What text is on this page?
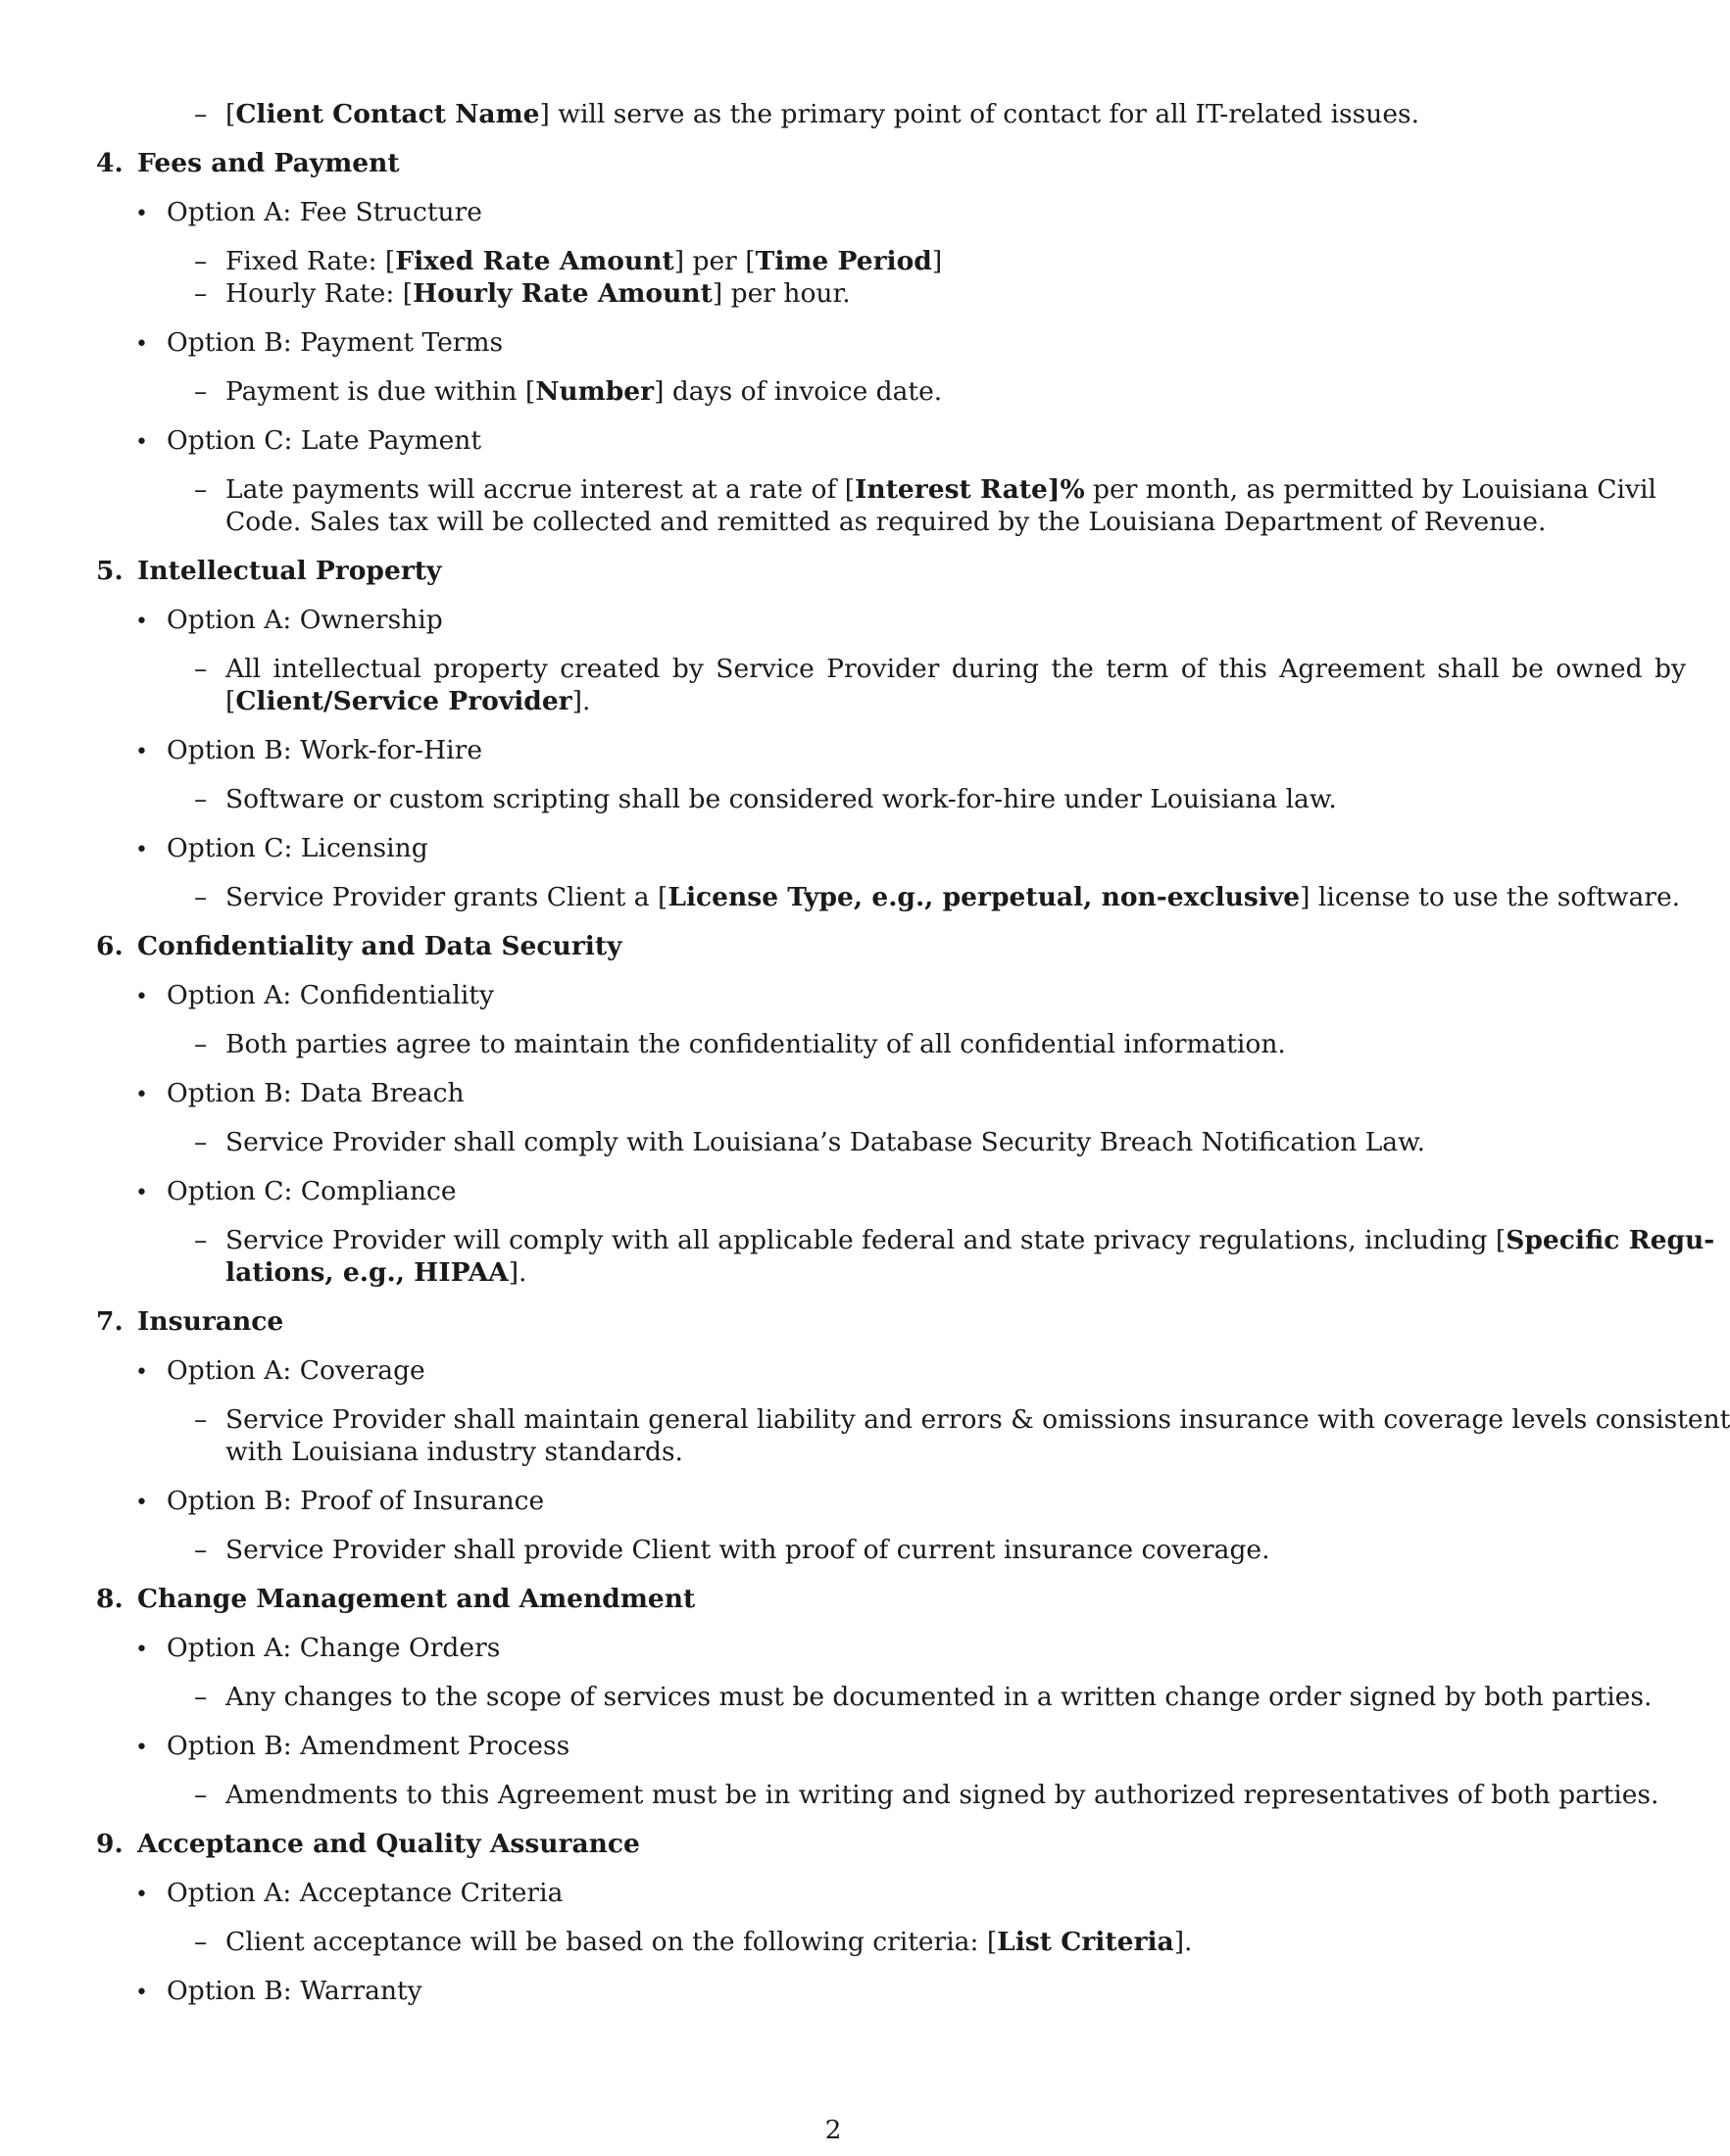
– [Client Contact Name] will serve as the primary point of contact for all IT-related issues.
4. Fees and Payment
• Option A: Fee Structure
– Fixed Rate: [Fixed Rate Amount] per [Time Period]
– Hourly Rate: [Hourly Rate Amount] per hour.
• Option B: Payment Terms
– Payment is due within [Number] days of invoice date.
• Option C: Late Payment
– Late payments will accrue interest at a rate of [Interest Rate]% per month, as permitted by Louisiana Civil
Code. Sales tax will be collected and remitted as required by the Louisiana Department of Revenue.
5. Intellectual Property
• Option A: Ownership
– All intellectual property created by Service Provider during the term of this Agreement shall be owned by
[Client/Service Provider].
• Option B: Work-for-Hire
– Software or custom scripting shall be considered work-for-hire under Louisiana law.
• Option C: Licensing
– Service Provider grants Client a [License Type, e.g., perpetual, non-exclusive] license to use the software.
6. Confidentiality and Data Security
• Option A: Confidentiality
– Both parties agree to maintain the confidentiality of all confidential information.
• Option B: Data Breach
– Service Provider shall comply with Louisiana’s Database Security Breach Notification Law.
• Option C: Compliance
– Service Provider will comply with all applicable federal and state privacy regulations, including [Specific Regu-
lations, e.g., HIPAA].
7. Insurance
• Option A: Coverage
– Service Provider shall maintain general liability and errors & omissions insurance with coverage levels consistent
with Louisiana industry standards.
• Option B: Proof of Insurance
– Service Provider shall provide Client with proof of current insurance coverage.
8. Change Management and Amendment
• Option A: Change Orders
– Any changes to the scope of services must be documented in a written change order signed by both parties.
• Option B: Amendment Process
– Amendments to this Agreement must be in writing and signed by authorized representatives of both parties.
9. Acceptance and Quality Assurance
• Option A: Acceptance Criteria
– Client acceptance will be based on the following criteria: [List Criteria].
• Option B: Warranty
2
